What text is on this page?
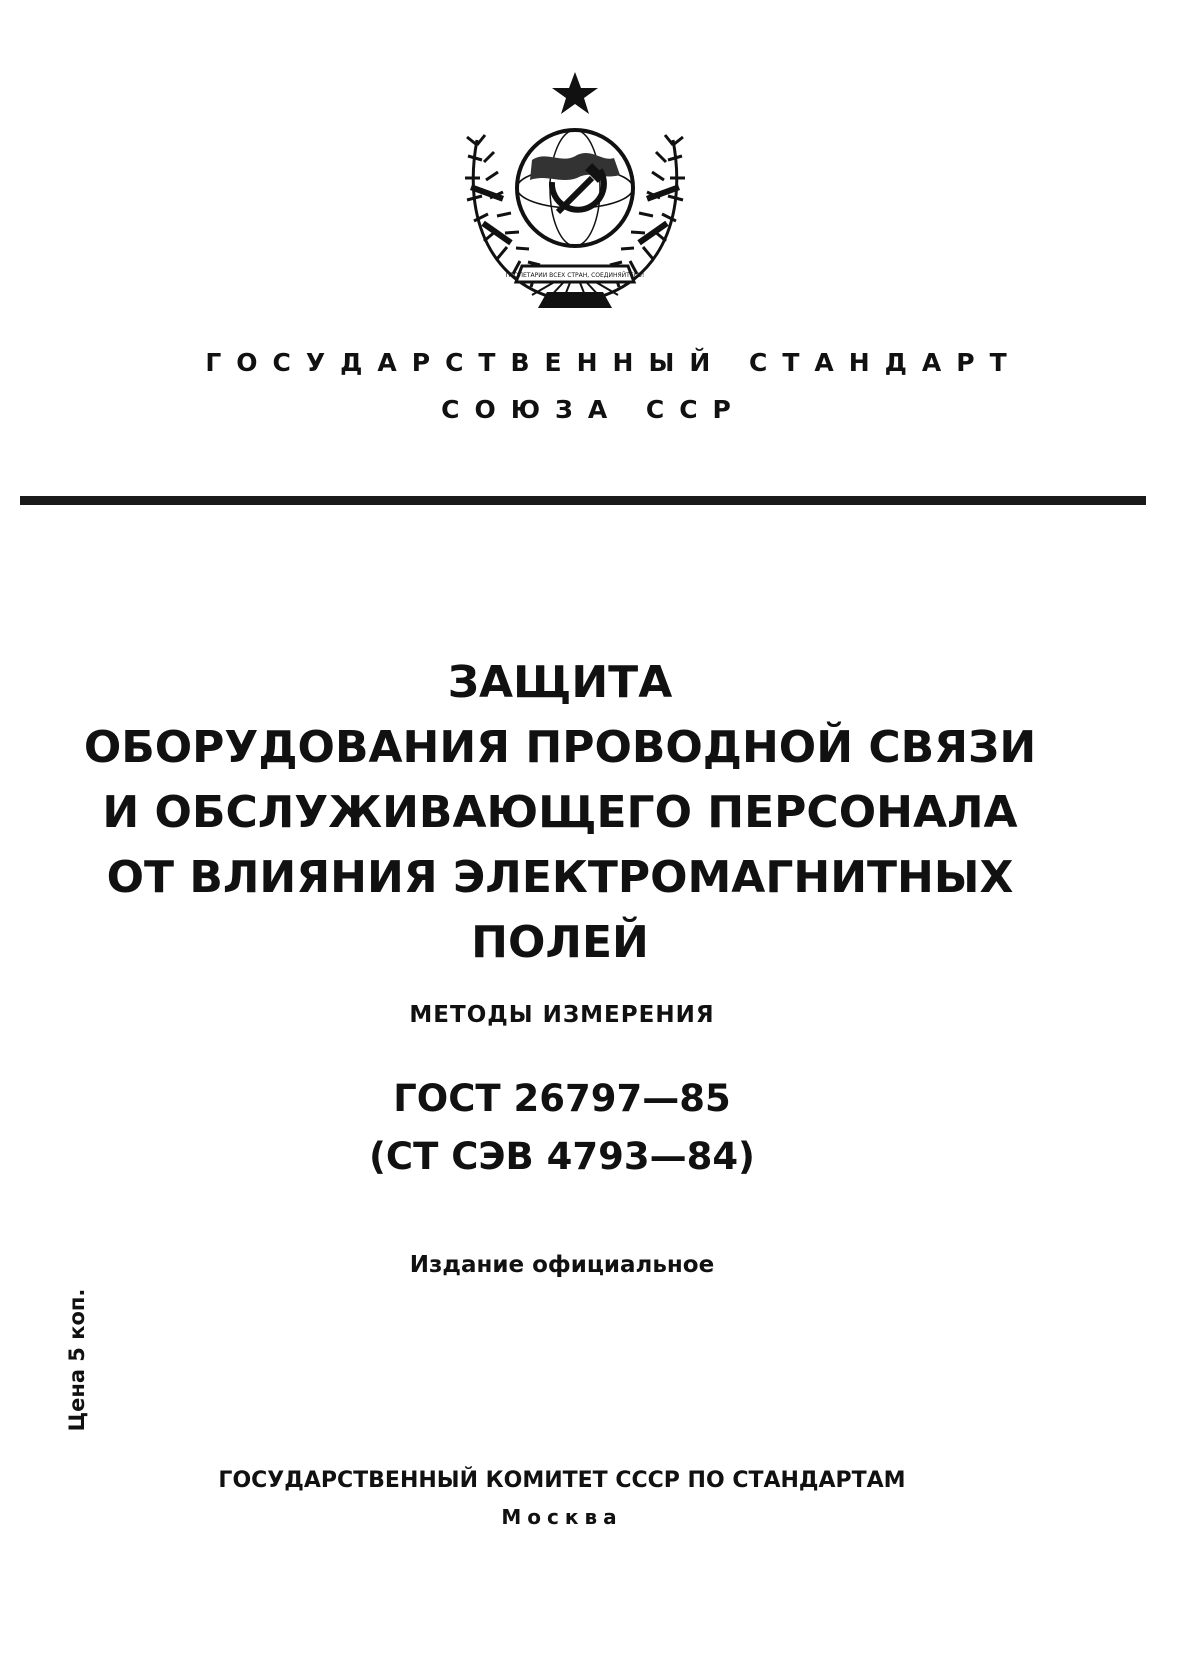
ПРОЛЕТАРИИ ВСЕХ СТРАН, СОЕДИНЯЙТЕСЬ!
ГОСУДАРСТВЕННЫЙ СТАНДАРТ
СОЮЗА ССР
ЗАЩИТА
ОБОРУДОВАНИЯ ПРОВОДНОЙ СВЯЗИ
И ОБСЛУЖИВАЮЩЕГО ПЕРСОНАЛА
ОТ ВЛИЯНИЯ ЭЛЕКТРОМАГНИТНЫХ
ПОЛЕЙ
МЕТОДЫ ИЗМЕРЕНИЯ
ГОСТ 26797—85
(СТ СЭВ 4793—84)
Издание официальное
Цена 5 коп.
ГОСУДАРСТВЕННЫЙ КОМИТЕТ СССР ПО СТАНДАРТАМ
Москва
